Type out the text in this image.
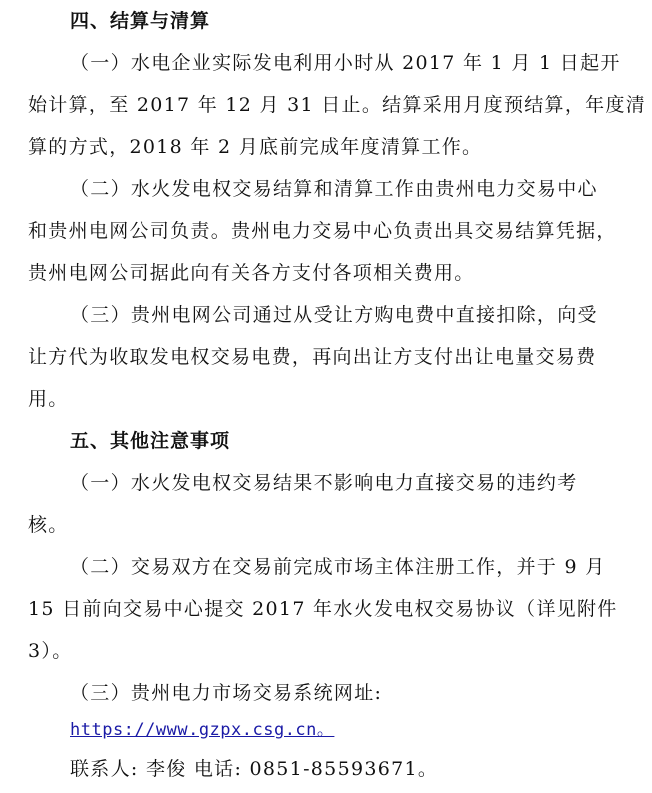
四、结算与清算
（一）水电企业实际发电利用小时从 2017 年 1 月 1 日起开
始计算，至 2017 年 12 月 31 日止。结算采用月度预结算，年度清
算的方式，2018 年 2 月底前完成年度清算工作。
（二）水火发电权交易结算和清算工作由贵州电力交易中心
和贵州电网公司负责。贵州电力交易中心负责出具交易结算凭据，
贵州电网公司据此向有关各方支付各项相关费用。
（三）贵州电网公司通过从受让方购电费中直接扣除，向受
让方代为收取发电权交易电费，再向出让方支付出让电量交易费
用。
五、其他注意事项
（一）水火发电权交易结果不影响电力直接交易的违约考
核。
（二）交易双方在交易前完成市场主体注册工作，并于 9 月
15 日前向交易中心提交 2017 年水火发电权交易协议（详见附件
3）。
（三）贵州电力市场交易系统网址:
https://www.gzpx.csg.cn。
联系人: 李俊 电话: 0851-85593671。
